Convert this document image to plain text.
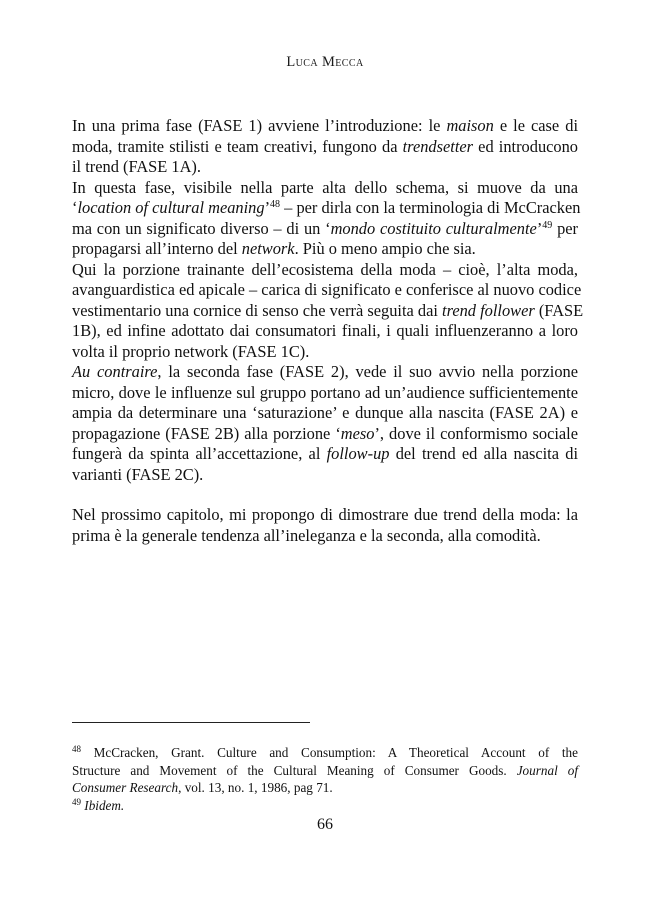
Luca Mecca

In una prima fase (FASE 1) avviene l’introduzione: le maison e le case di
moda, tramite stilisti e team creativi, fungono da trendsetter ed introducono
il trend (FASE 1A).

In questa fase, visibile nella parte alta dello schema, si muove da una
‘location of cultural meaning’$^{48}$ – per dirla con la terminologia di McCracken
ma con un significato diverso – di un ‘mondo costituito culturalmente’$^{49}$ per
propagarsi all’interno del network. Più o meno ampio che sia.

Qui la porzione trainante dell’ecosistema della moda – cioè, l’alta moda,
avanguardistica ed apicale – carica di significato e conferisce al nuovo codice
vestimentario una cornice di senso che verrà seguita dai trend follower (FASE
1B), ed infine adottato dai consumatori finali, i quali influenzeranno a loro
volta il proprio network (FASE 1C).

Au contraire, la seconda fase (FASE 2), vede il suo avvio nella porzione
micro, dove le influenze sul gruppo portano ad un’audience sufficientemente
ampia da determinare una ‘saturazione’ e dunque alla nascita (FASE 2A) e
propagazione (FASE 2B) alla porzione ‘meso’, dove il conformismo sociale
fungerà da spinta all’accettazione, al follow-up del trend ed alla nascita di
varianti (FASE 2C).

Nel prossimo capitolo, mi propongo di dimostrare due trend della moda: la
prima è la generale tendenza all’ineleganza e la seconda, alla comodità.

$^{48}$ McCracken, Grant. Culture and Consumption: A Theoretical Account of the
Structure and Movement of the Cultural Meaning of Consumer Goods. Journal of
Consumer Research, vol. 13, no. 1, 1986, pag 71.
$^{49}$ Ibidem.
66
